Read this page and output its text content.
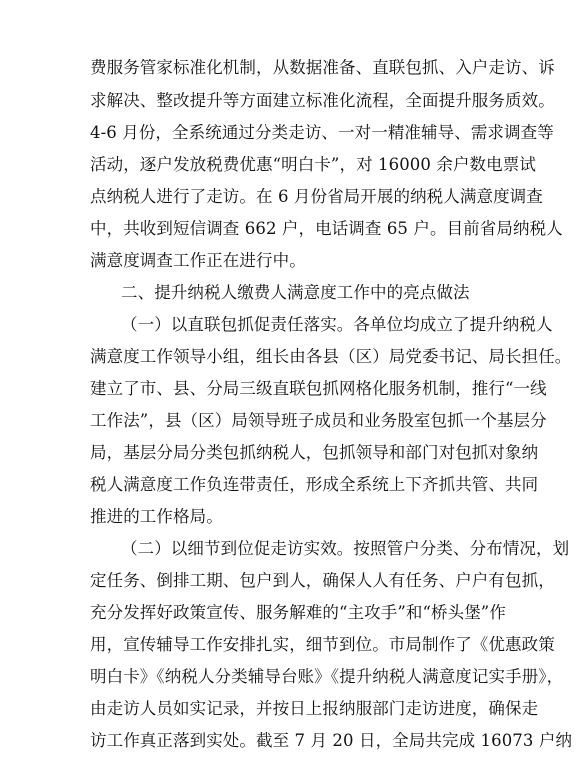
费服务管家标准化机制，从数据准备、直联包抓、入户走访、诉
求解决、整改提升等方面建立标准化流程，全面提升服务质效。
4-6 月份，全系统通过分类走访、一对一精准辅导、需求调查等
活动，逐户发放税费优惠“明白卡”，对 16000 余户数电票试
点纳税人进行了走访。在 6 月份省局开展的纳税人满意度调查
中，共收到短信调查 662 户，电话调查 65 户。目前省局纳税人
满意度调查工作正在进行中。
二、提升纳税人缴费人满意度工作中的亮点做法
（一）以直联包抓促责任落实。各单位均成立了提升纳税人
满意度工作领导小组，组长由各县（区）局党委书记、局长担任。
建立了市、县、分局三级直联包抓网格化服务机制，推行“一线
工作法”，县（区）局领导班子成员和业务股室包抓一个基层分
局，基层分局分类包抓纳税人，包抓领导和部门对包抓对象纳
税人满意度工作负连带责任，形成全系统上下齐抓共管、共同
推进的工作格局。
（二）以细节到位促走访实效。按照管户分类、分布情况，划
定任务、倒排工期、包户到人，确保人人有任务、户户有包抓，
充分发挥好政策宣传、服务解难的“主攻手”和“桥头堡”作
用，宣传辅导工作安排扎实，细节到位。市局制作了《优惠政策
明白卡》《纳税人分类辅导台账》《提升纳税人满意度记实手册》，
由走访人员如实记录，并按日上报纳服部门走访进度，确保走
访工作真正落到实处。截至 7 月 20 日，全局共完成 16073 户纳
